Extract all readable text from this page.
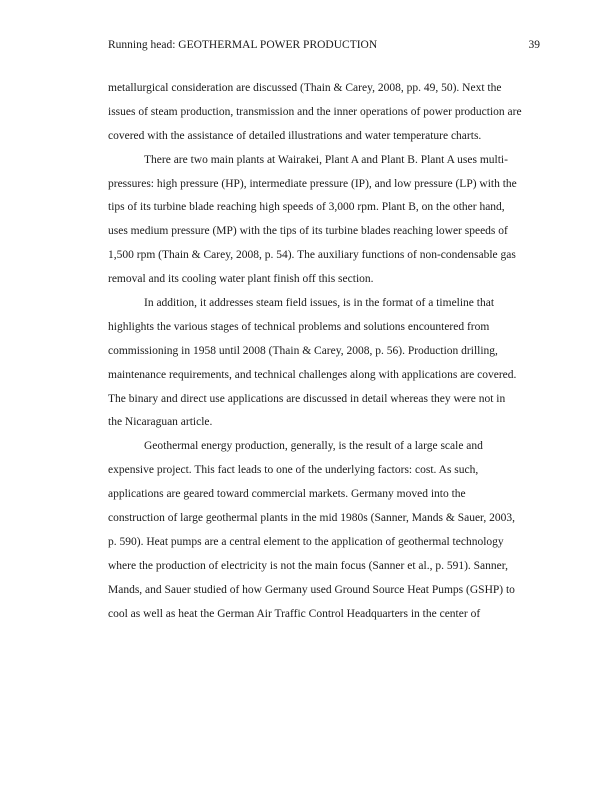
Running head: GEOTHERMAL POWER PRODUCTION	39
metallurgical consideration are discussed (Thain & Carey, 2008, pp. 49, 50). Next the
issues of steam production, transmission and the inner operations of power production are
covered with the assistance of detailed illustrations and water temperature charts.
There are two main plants at Wairakei, Plant A and Plant B. Plant A uses multi-
pressures: high pressure (HP), intermediate pressure (IP), and low pressure (LP) with the
tips of its turbine blade reaching high speeds of 3,000 rpm. Plant B, on the other hand,
uses medium pressure (MP) with the tips of its turbine blades reaching lower speeds of
1,500 rpm (Thain & Carey, 2008, p. 54). The auxiliary functions of non-condensable gas
removal and its cooling water plant finish off this section.
In addition, it addresses steam field issues, is in the format of a timeline that
highlights the various stages of technical problems and solutions encountered from
commissioning in 1958 until 2008 (Thain & Carey, 2008, p. 56). Production drilling,
maintenance requirements, and technical challenges along with applications are covered.
The binary and direct use applications are discussed in detail whereas they were not in
the Nicaraguan article.
Geothermal energy production, generally, is the result of a large scale and
expensive project. This fact leads to one of the underlying factors: cost. As such,
applications are geared toward commercial markets. Germany moved into the
construction of large geothermal plants in the mid 1980s (Sanner, Mands & Sauer, 2003,
p. 590). Heat pumps are a central element to the application of geothermal technology
where the production of electricity is not the main focus (Sanner et al., p. 591). Sanner,
Mands, and Sauer studied of how Germany used Ground Source Heat Pumps (GSHP) to
cool as well as heat the German Air Traffic Control Headquarters in the center of
